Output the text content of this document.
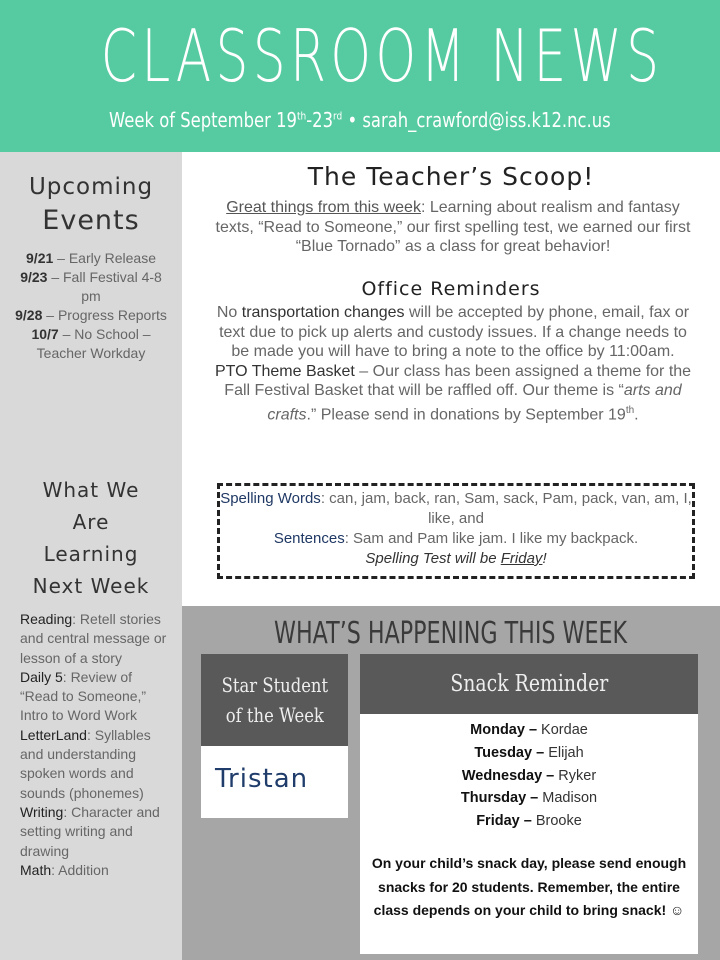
CLASSROOM NEWS
Week of September 19th-23rd • sarah_crawford@iss.k12.nc.us
Upcoming
Events
9/21 – Early Release
9/23 – Fall Festival 4-8 pm
9/28 – Progress Reports
10/7 – No School – Teacher Workday
What We
Are
Learning
Next Week
Reading: Retell stories and central message or lesson of a story
Daily 5: Review of “Read to Someone,” Intro to Word Work
LetterLand: Syllables and understanding spoken words and sounds (phonemes)
Writing: Character and setting writing and drawing
Math: Addition
The Teacher’s Scoop!
Great things from this week: Learning about realism and fantasy texts, “Read to Someone,” our first spelling test, we earned our first “Blue Tornado” as a class for great behavior!
Office Reminders
No transportation changes will be accepted by phone, email, fax or text due to pick up alerts and custody issues. If a change needs to be made you will have to bring a note to the office by 11:00am.
PTO Theme Basket – Our class has been assigned a theme for the Fall Festival Basket that will be raffled off. Our theme is “arts and crafts.” Please send in donations by September 19th.
Spelling Words: can, jam, back, ran, Sam, sack, Pam, pack, van, am, I, like, and
Sentences: Sam and Pam like jam. I like my backpack.
Spelling Test will be Friday!
WHAT’S HAPPENING THIS WEEK
Star Student
of the Week
Tristan
Snack Reminder
Monday – Kordae
Tuesday – Elijah
Wednesday – Ryker
Thursday – Madison
Friday – Brooke
On your child’s snack day, please send enough snacks for 20 students. Remember, the entire class depends on your child to bring snack! ☺
